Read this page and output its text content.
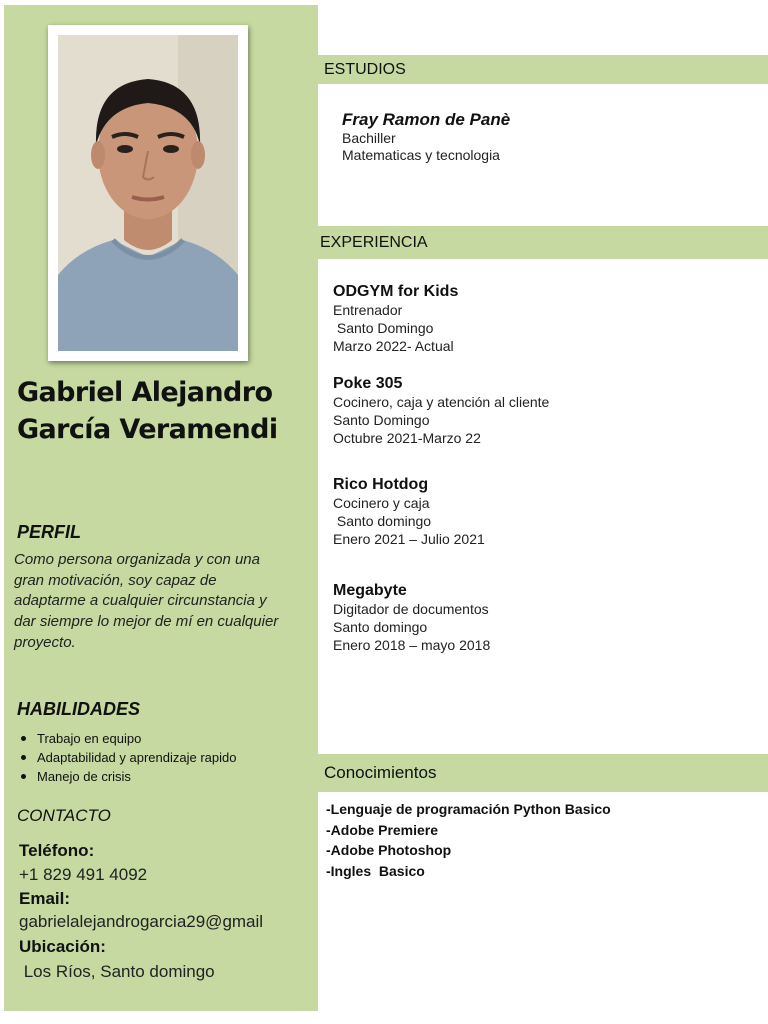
Gabriel Alejandro
García Veramendi
PERFIL
Como persona organizada y con una gran motivación, soy capaz de adaptarme a cualquier circunstancia y dar siempre lo mejor de mí en cualquier proyecto.
HABILIDADES
Trabajo en equipo
Adaptabilidad y aprendizaje rapido
Manejo de crisis
CONTACTO
Teléfono:
+1 829 491 4092
Email:
gabrielalejandrogarcia29@gmail
Ubicación:
Los Ríos, Santo domingo
ESTUDIOS
Fray Ramon de Panè
Bachiller
Matematicas y tecnologia
EXPERIENCIA
ODGYM for Kids
Entrenador
Santo Domingo
Marzo 2022- Actual
Poke 305
Cocinero, caja y atención al cliente
Santo Domingo
Octubre 2021-Marzo 22
Rico Hotdog
Cocinero y caja
Santo domingo
Enero 2021 – Julio 2021
Megabyte
Digitador de documentos
Santo domingo
Enero 2018 – mayo 2018
Conocimientos
-Lenguaje de programación Python Basico
-Adobe Premiere
-Adobe Photoshop
-Ingles  Basico
